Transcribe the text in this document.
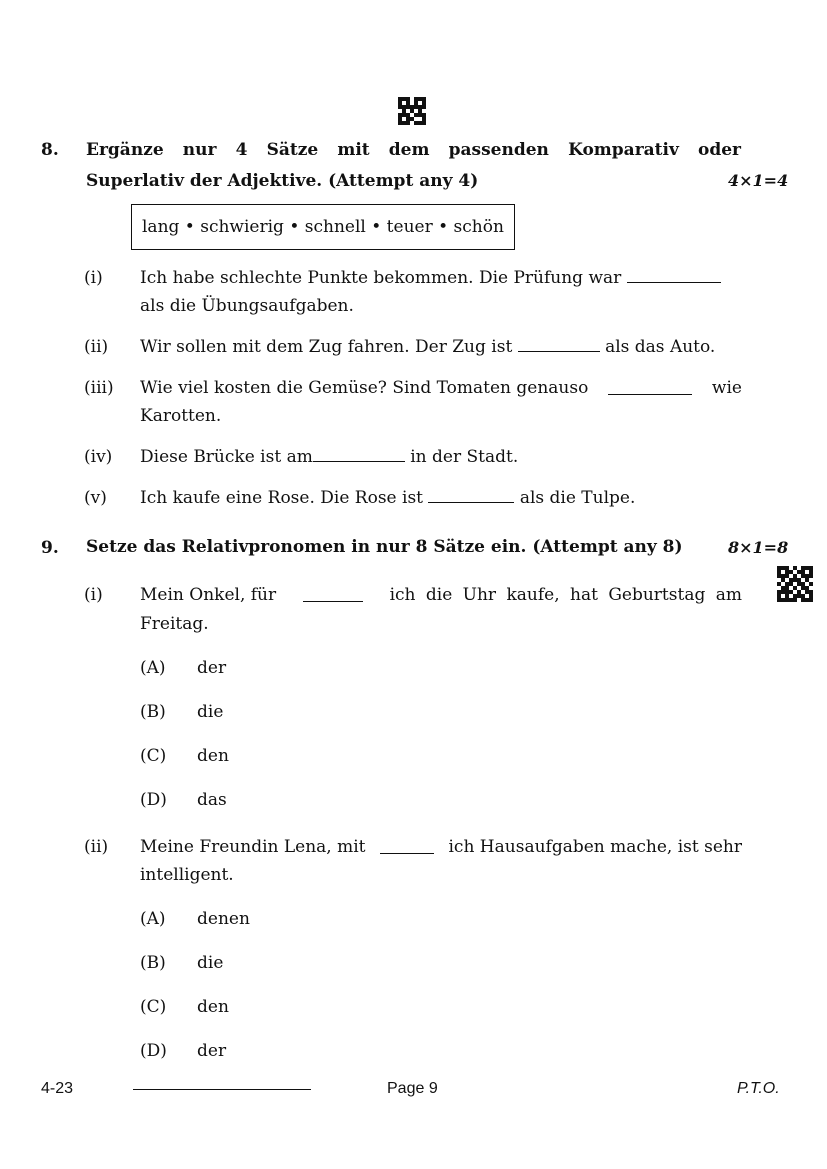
8. Ergänze nur 4 Sätze mit dem passenden Komparativ oder
Superlativ der Adjektive. (Attempt any 4)	4×1=4
lang • schwierig • schnell • teuer • schön
(i) Ich habe schlechte Punkte bekommen. Die Prüfung war
als die Übungsaufgaben.
(ii) Wir sollen mit dem Zug fahren. Der Zug ist	als das Auto.
(iii) Wie viel kosten die Gemüse? Sind Tomaten genauso	wie
Karotten.
(iv) Diese Brücke ist am	in der Stadt.
(v) Ich kaufe eine Rose. Die Rose ist	als die Tulpe.
9. Setze das Relativpronomen in nur 8 Sätze ein. (Attempt any 8)	8×1=8
(i) Mein Onkel, für	ich die Uhr kaufe, hat Geburtstag am
Freitag.
(A) der
(B) die
(C) den
(D) das
(ii) Meine Freundin Lena, mit	ich Hausaufgaben mache, ist sehr
intelligent.
(A) denen
(B) die
(C) den
(D) der
4-23	Page 9	P.T.O.
